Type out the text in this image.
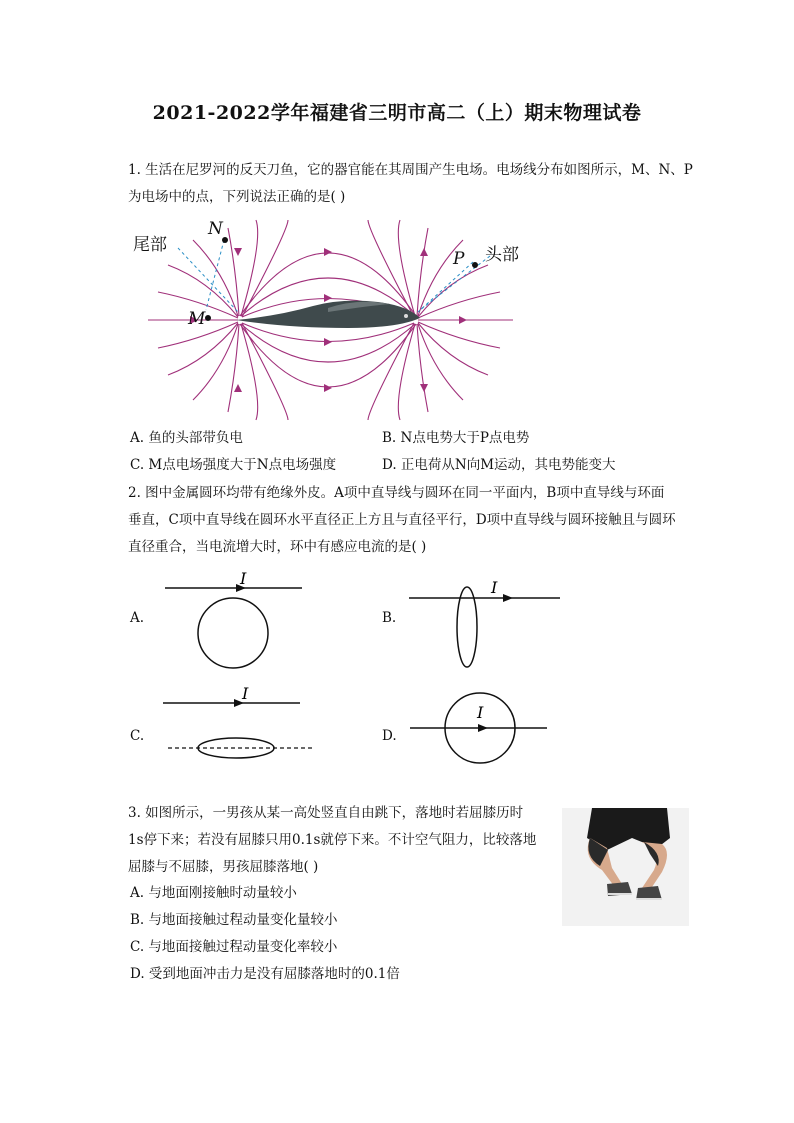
2021-2022学年福建省三明市高二（上）期末物理试卷
1. 生活在尼罗河的反天刀鱼，它的器官能在其周围产生电场。电场线分布如图所示，M、N、P
为电场中的点，下列说法正确的是( )
尾部
N
M
P 头部
A. 鱼的头部带负电	B. N点电势大于P点电势
C. M点电场强度大于N点电场强度	D. 正电荷从N向M运动，其电势能变大
2. 图中金属圆环均带有绝缘外皮。A项中直导线与圆环在同一平面内，B项中直导线与环面
垂直，C项中直导线在圆环水平直径正上方且与直径平行，D项中直导线与圆环接触且与圆环
直径重合，当电流增大时，环中有感应电流的是( )
A.
I
B.
I
C.
I
D.
I
3. 如图所示，一男孩从某一高处竖直自由跳下，落地时若屈膝历时
1s停下来；若没有屈膝只用0.1s就停下来。不计空气阻力，比较落地
屈膝与不屈膝，男孩屈膝落地( )
A. 与地面刚接触时动量较小
B. 与地面接触过程动量变化量较小
C. 与地面接触过程动量变化率较小
D. 受到地面冲击力是没有屈膝落地时的0.1倍
